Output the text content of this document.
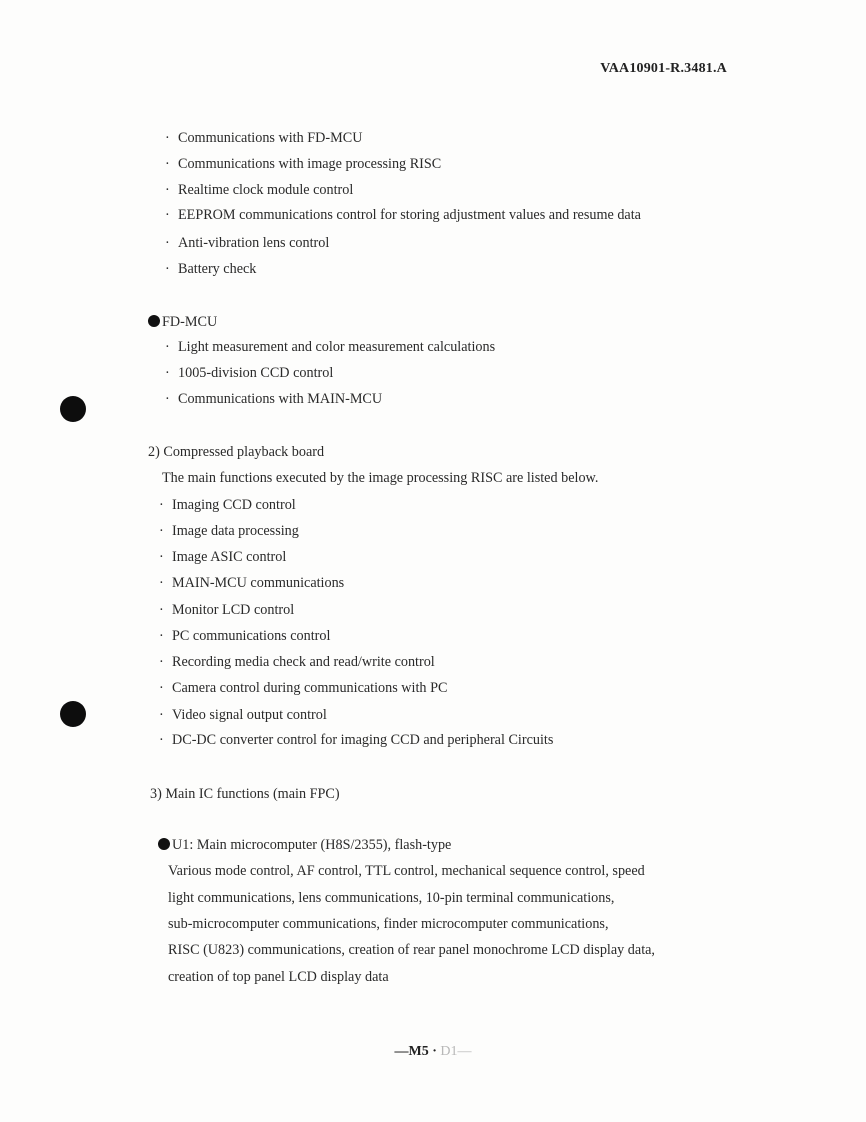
VAA10901-R.3481.A
· Communications with FD-MCU
· Communications with image processing RISC
· Realtime clock module control
· EEPROM communications control for storing adjustment values and resume data
· Anti-vibration lens control
· Battery check
FD-MCU
· Light measurement and color measurement calculations
· 1005-division CCD control
· Communications with MAIN-MCU
2) Compressed playback board
The main functions executed by the image processing RISC are listed below.
· Imaging CCD control
· Image data processing
· Image ASIC control
· MAIN-MCU communications
· Monitor LCD control
· PC communications control
· Recording media check and read/write control
· Camera control during communications with PC
· Video signal output control
· DC-DC converter control for imaging CCD and peripheral Circuits
3) Main IC functions (main FPC)
U1: Main microcomputer (H8S/2355), flash-type
Various mode control, AF control, TTL control, mechanical sequence control, speed
light communications, lens communications, 10-pin terminal communications,
sub-microcomputer communications, finder microcomputer communications,
RISC (U823) communications, creation of rear panel monochrome LCD display data,
creation of top panel LCD display data
—M5 · D1—
